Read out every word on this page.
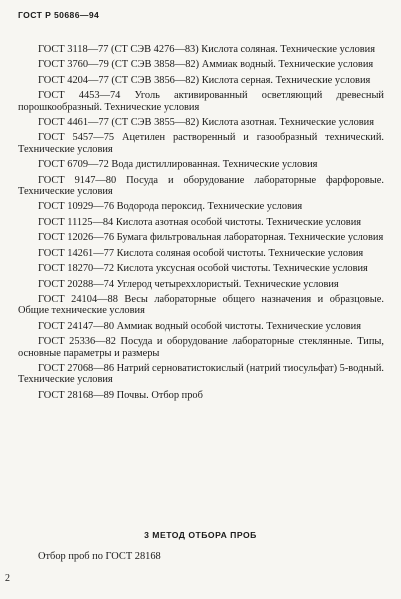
ГОСТ Р 50686—94

ГОСТ 3118—77 (СТ СЭВ 4276—83) Кислота соляная. Технические условия

ГОСТ 3760—79 (СТ СЭВ 3858—82) Аммиак водный. Технические условия

ГОСТ 4204—77 (СТ СЭВ 3856—82) Кислота серная. Технические условия

ГОСТ 4453—74 Уголь активированный осветляющий древесный порошкообразный. Технические условия

ГОСТ 4461—77 (СТ СЭВ 3855—82) Кислота азотная. Технические условия

ГОСТ 5457—75 Ацетилен растворенный и газообразный технический. Технические условия

ГОСТ 6709—72 Вода дистиллированная. Технические условия

ГОСТ 9147—80 Посуда и оборудование лабораторные фарфоровые. Технические условия

ГОСТ 10929—76 Водорода пероксид. Технические условия

ГОСТ 11125—84 Кислота азотная особой чистоты. Технические условия

ГОСТ 12026—76 Бумага фильтровальная лабораторная. Технические условия

ГОСТ 14261—77 Кислота соляная особой чистоты. Технические условия

ГОСТ 18270—72 Кислота уксусная особой чистоты. Технические условия

ГОСТ 20288—74 Углерод четыреххлористый. Технические условия

ГОСТ 24104—88 Весы лабораторные общего назначения и образцовые. Общие технические условия

ГОСТ 24147—80 Аммиак водный особой чистоты. Технические условия

ГОСТ 25336—82 Посуда и оборудование лабораторные стеклянные. Типы, основные параметры и размеры

ГОСТ 27068—86 Натрий серноватистокислый (натрий тиосульфат) 5-водный. Технические условия

ГОСТ 28168—89 Почвы. Отбор проб

3 МЕТОД ОТБОРА ПРОБ
Отбор проб по ГОСТ 28168
2
